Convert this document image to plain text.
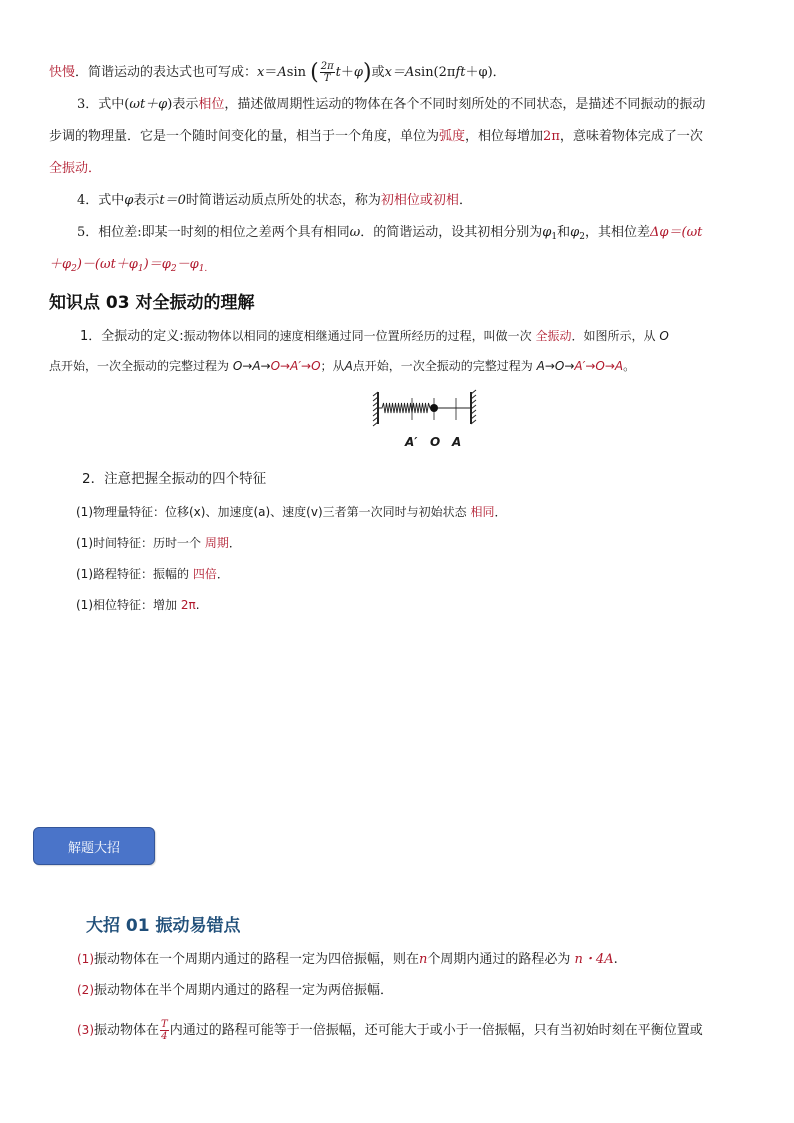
快慢．简谐运动的表达式也可写成：x＝Asin ( $\frac{2\pi}{T} t+\varphi$)或x＝Asin(2πft＋φ)．
3．式中(ωt＋φ)表示相位，描述做周期性运动的物体在各个不同时刻所处的不同状态，是描述不同振动的振动
步调的物理量．它是一个随时间变化的量，相当于一个角度，单位为弧度，相位每增加2π，意味着物体完成了一次
全振动．
4．式中φ表示t＝0时简谐运动质点所处的状态，称为初相位或初相．
5．相位差:即某一时刻的相位之差两个具有相同ω．的简谐运动，设其初相分别为$\varphi_1$和$\varphi_2$，其相位差Δφ＝(ωt
$+\varphi_2)-(\omega t+\varphi_1)=\varphi_2-\varphi_{1.}$
知识点 03 对全振动的理解
1．全振动的定义:振动物体以相同的速度相继通过同一位置所经历的过程，叫做一次 全振动．如图所示，从 O
点开始，一次全振动的完整过程为 O→A→O→A′→O；从A点开始，一次全振动的完整过程为 A→O→A′→O→A。
A′ O A
2．注意把握全振动的四个特征
(1)物理量特征：位移(x)、加速度(a)、速度(v)三者第一次同时与初始状态 相同．
(1)时间特征：历时一个 周期．
(1)路程特征：振幅的 四倍．
(1)相位特征：增加 2π.
解题大招
大招 01 振动易错点
(1)振动物体在一个周期内通过的路程一定为四倍振幅，则在n个周期内通过的路程必为 n・4A.
(2)振动物体在半个周期内通过的路程一定为两倍振幅．
(3)振动物体在 $\frac{T}{4}$ 内通过的路程可能等于一倍振幅，还可能大于或小于一倍振幅，只有当初始时刻在平衡位置或
